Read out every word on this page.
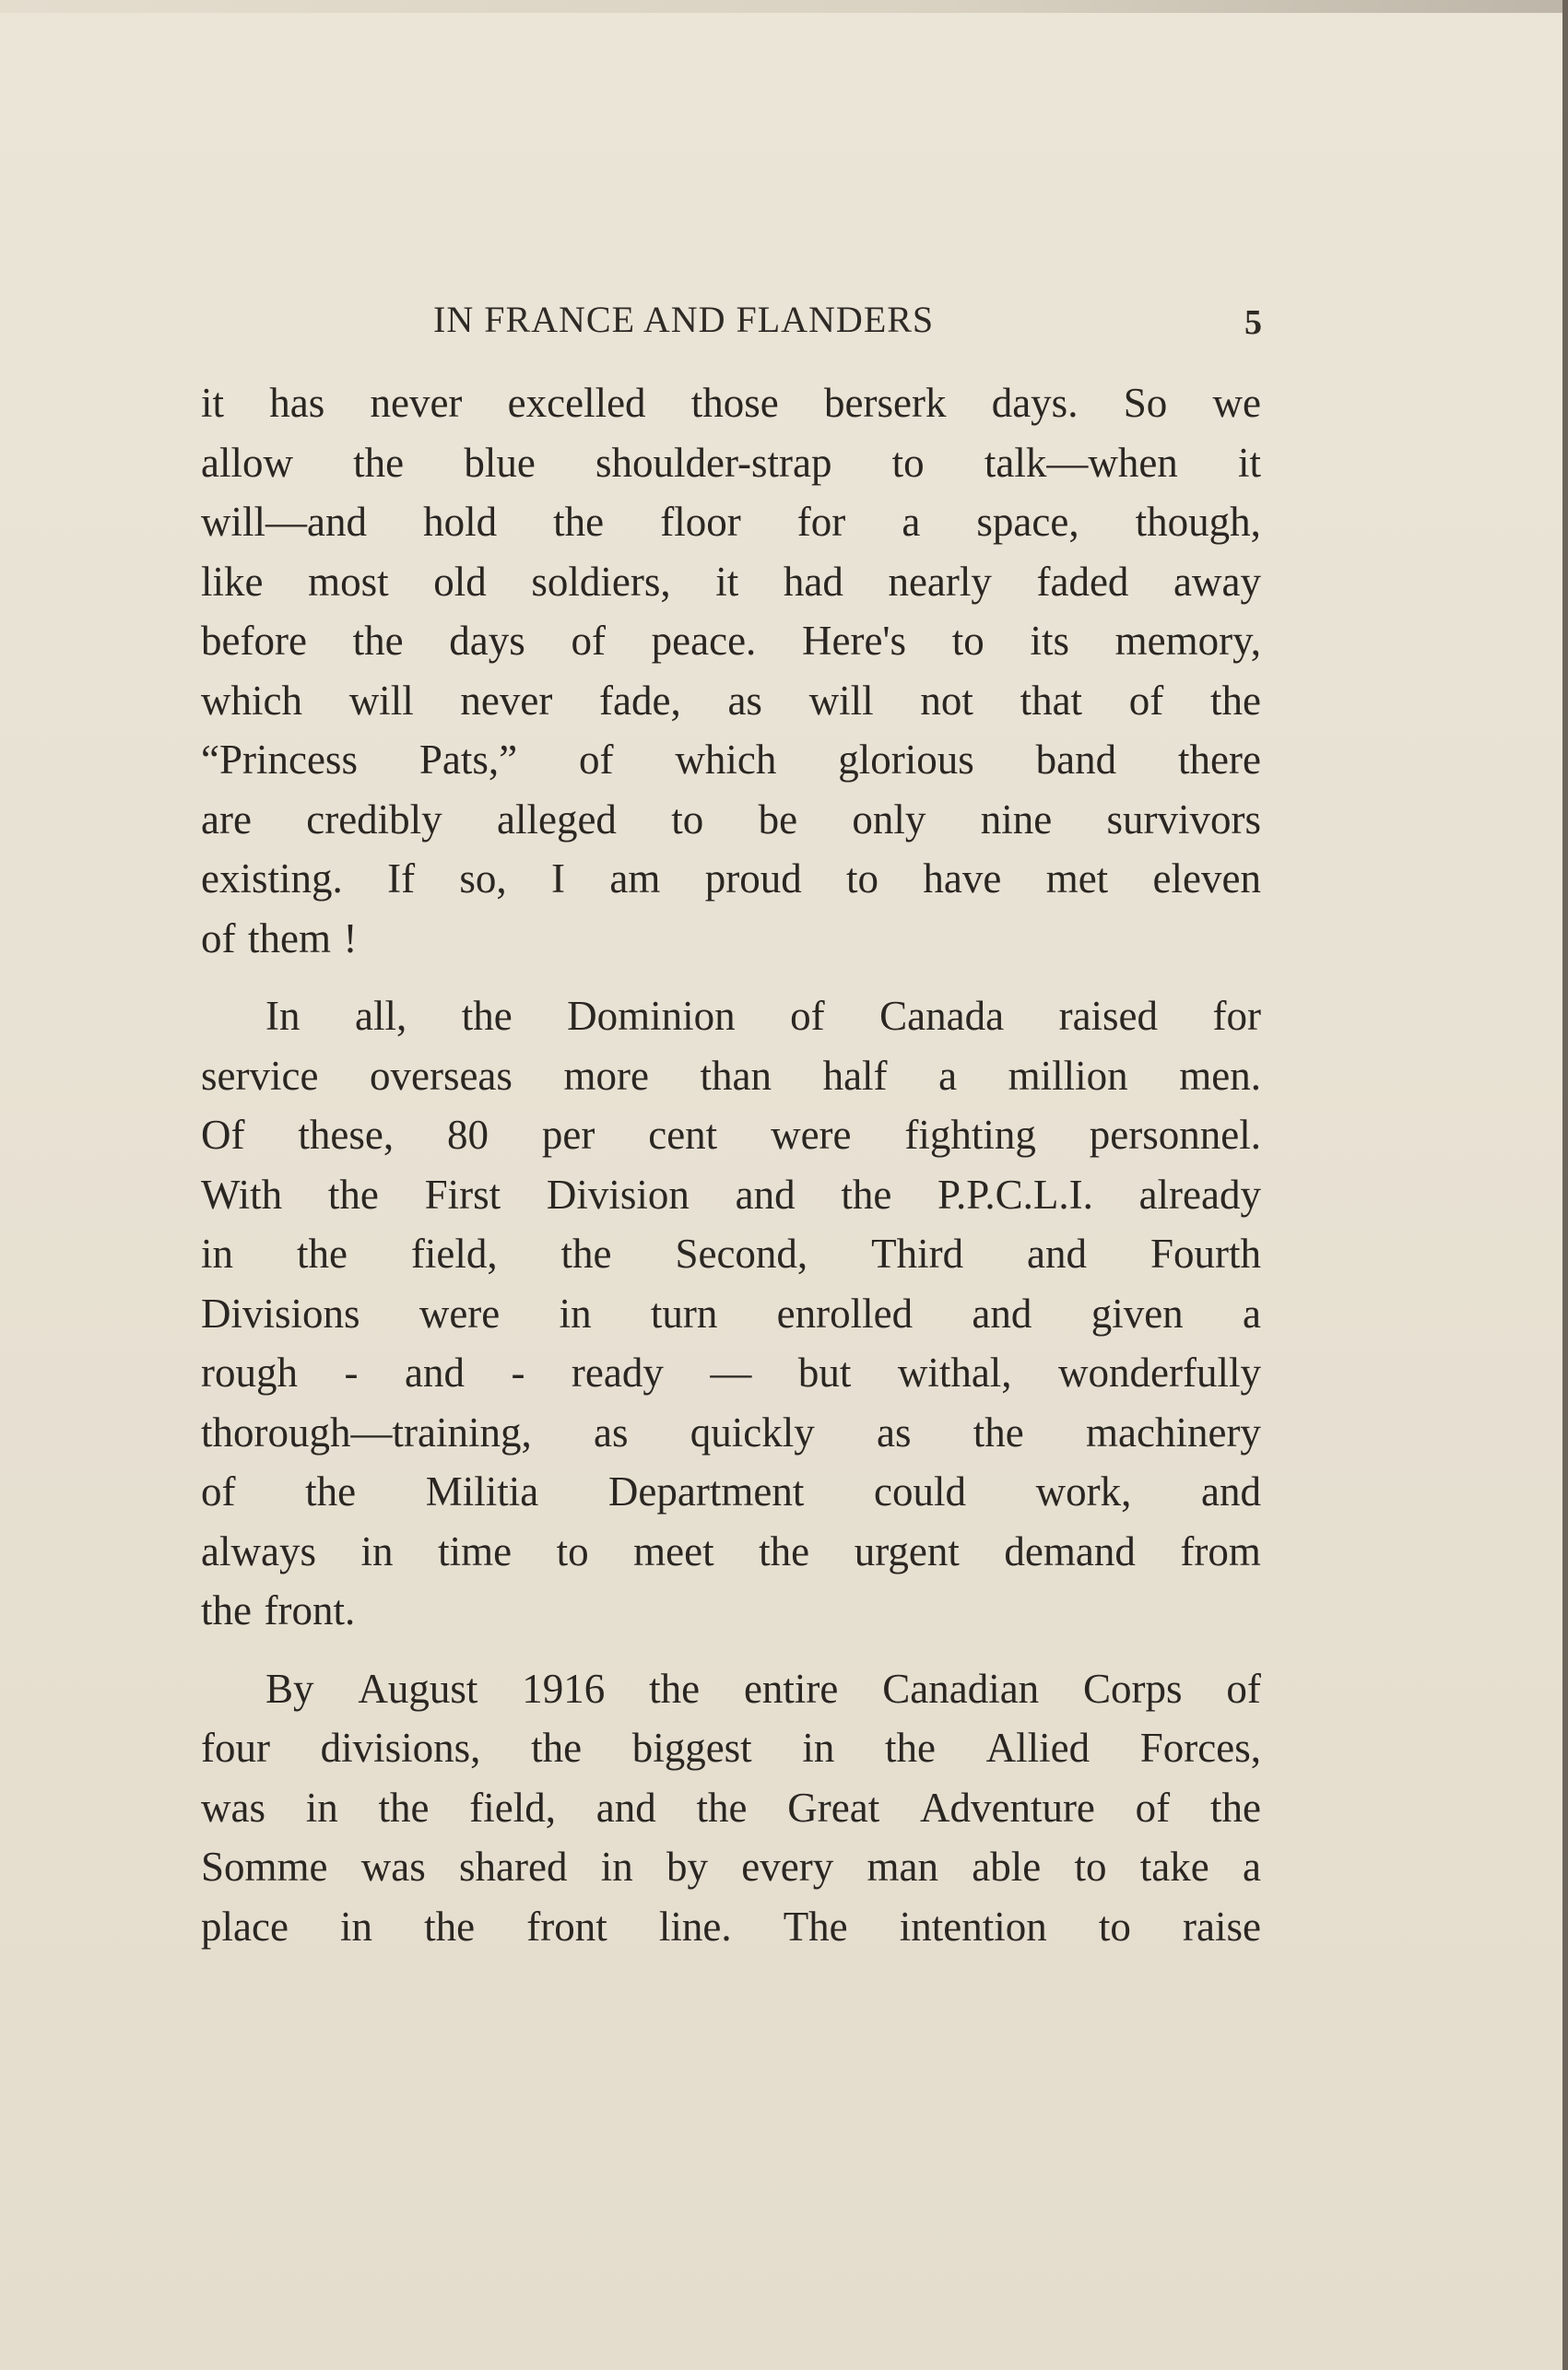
IN FRANCE AND FLANDERS	5
it has never excelled those berserk days. So we
allow the blue shoulder-strap to talk—when it
will—and hold the floor for a space, though,
like most old soldiers, it had nearly faded away
before the days of peace. Here's to its memory,
which will never fade, as will not that of the
“Princess Pats,” of which glorious band there
are credibly alleged to be only nine survivors
existing. If so, I am proud to have met eleven
of them !
In all, the Dominion of Canada raised for
service overseas more than half a million men.
Of these, 80 per cent were fighting personnel.
With the First Division and the P.P.C.L.I. already
in the field, the Second, Third and Fourth
Divisions were in turn enrolled and given a
rough - and - ready — but withal, wonderfully
thorough—training, as quickly as the machinery
of the Militia Department could work, and
always in time to meet the urgent demand from
the front.
By August 1916 the entire Canadian Corps of
four divisions, the biggest in the Allied Forces,
was in the field, and the Great Adventure of the
Somme was shared in by every man able to take a
place in the front line. The intention to raise
